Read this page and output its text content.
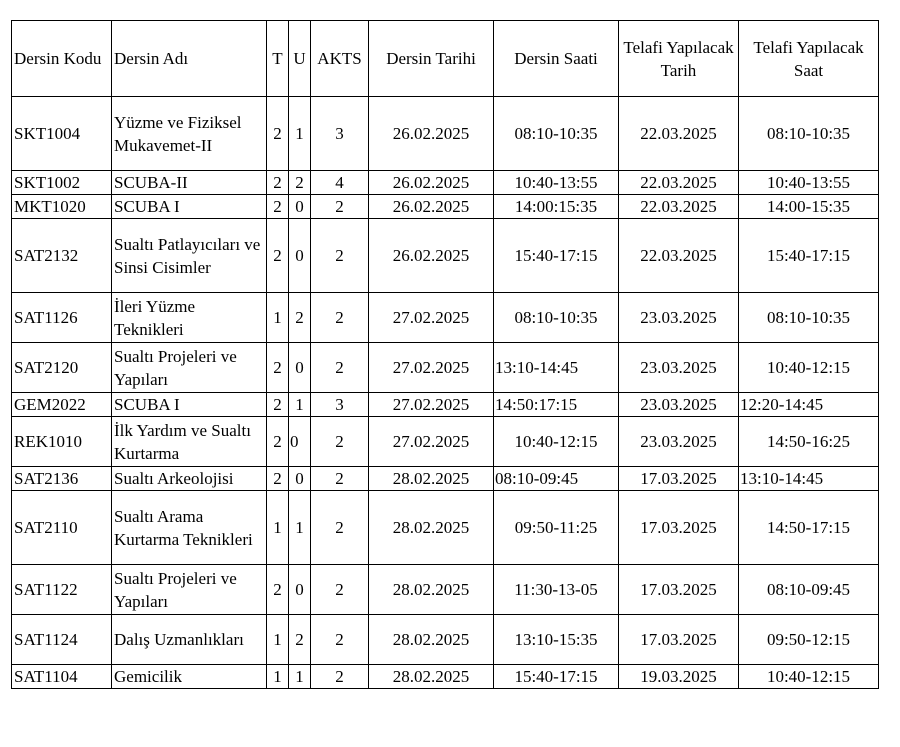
Dersin Kodu	Dersin Adı	T	U	AKTS	Dersin Tarihi	Dersin Saati	Telafi Yapılacak Tarih	Telafi Yapılacak Saat
SKT1004	Yüzme ve Fiziksel Mukavemet-II	2	1	3	26.02.2025	08:10-10:35	22.03.2025	08:10-10:35
SKT1002	SCUBA-II	2	2	4	26.02.2025	10:40-13:55	22.03.2025	10:40-13:55
MKT1020	SCUBA I	2	0	2	26.02.2025	14:00:15:35	22.03.2025	14:00-15:35
SAT2132	Sualtı Patlayıcıları ve Sinsi Cisimler	2	0	2	26.02.2025	15:40-17:15	22.03.2025	15:40-17:15
SAT1126	İleri Yüzme Teknikleri	1	2	2	27.02.2025	08:10-10:35	23.03.2025	08:10-10:35
SAT2120	Sualtı Projeleri ve Yapıları	2	0	2	27.02.2025	13:10-14:45	23.03.2025	10:40-12:15
GEM2022	SCUBA I	2	1	3	27.02.2025	14:50:17:15	23.03.2025	12:20-14:45
REK1010	İlk Yardım ve Sualtı Kurtarma	2	0	2	27.02.2025	10:40-12:15	23.03.2025	14:50-16:25
SAT2136	Sualtı Arkeolojisi	2	0	2	28.02.2025	08:10-09:45	17.03.2025	13:10-14:45
SAT2110	Sualtı Arama Kurtarma Teknikleri	1	1	2	28.02.2025	09:50-11:25	17.03.2025	14:50-17:15
SAT1122	Sualtı Projeleri ve Yapıları	2	0	2	28.02.2025	11:30-13-05	17.03.2025	08:10-09:45
SAT1124	Dalış Uzmanlıkları	1	2	2	28.02.2025	13:10-15:35	17.03.2025	09:50-12:15
SAT1104	Gemicilik	1	1	2	28.02.2025	15:40-17:15	19.03.2025	10:40-12:15
